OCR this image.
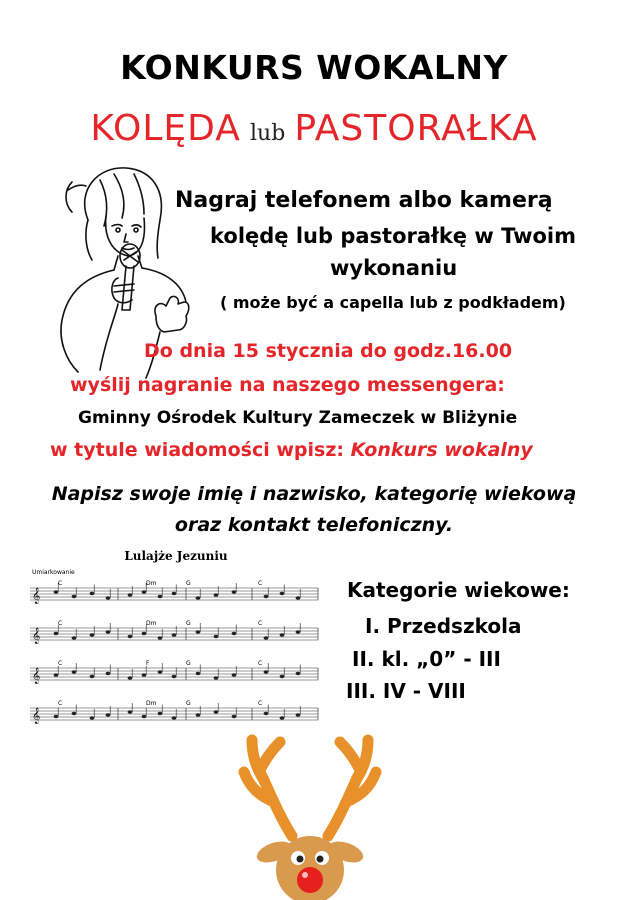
KONKURS WOKALNY
KOLĘDA lub PASTORAŁKA
Nagraj telefonem albo kamerą
kolędę lub pastorałkę w Twoim
wykonaniu
( może być a capella lub z podkładem)
Do dnia 15 stycznia do godz.16.00
wyślij nagranie na naszego messengera:
Gminny Ośrodek Kultury Zameczek w Bliżynie
w tytule wiadomości wpisz: Konkurs wokalny
Napisz swoje imię i nazwisko, kategorię wiekową
oraz kontakt telefoniczny.
Lulajże Jezuniu
Umiarkowanie
𝄞
C	Dm	G	C
𝄞
C	Dm	G	C
𝄞
C	F	G	C
𝄞
C	Dm	G	C
Kategorie wiekowe:
I. Przedszkola
II. kl. „0” - III
III. IV - VIII
